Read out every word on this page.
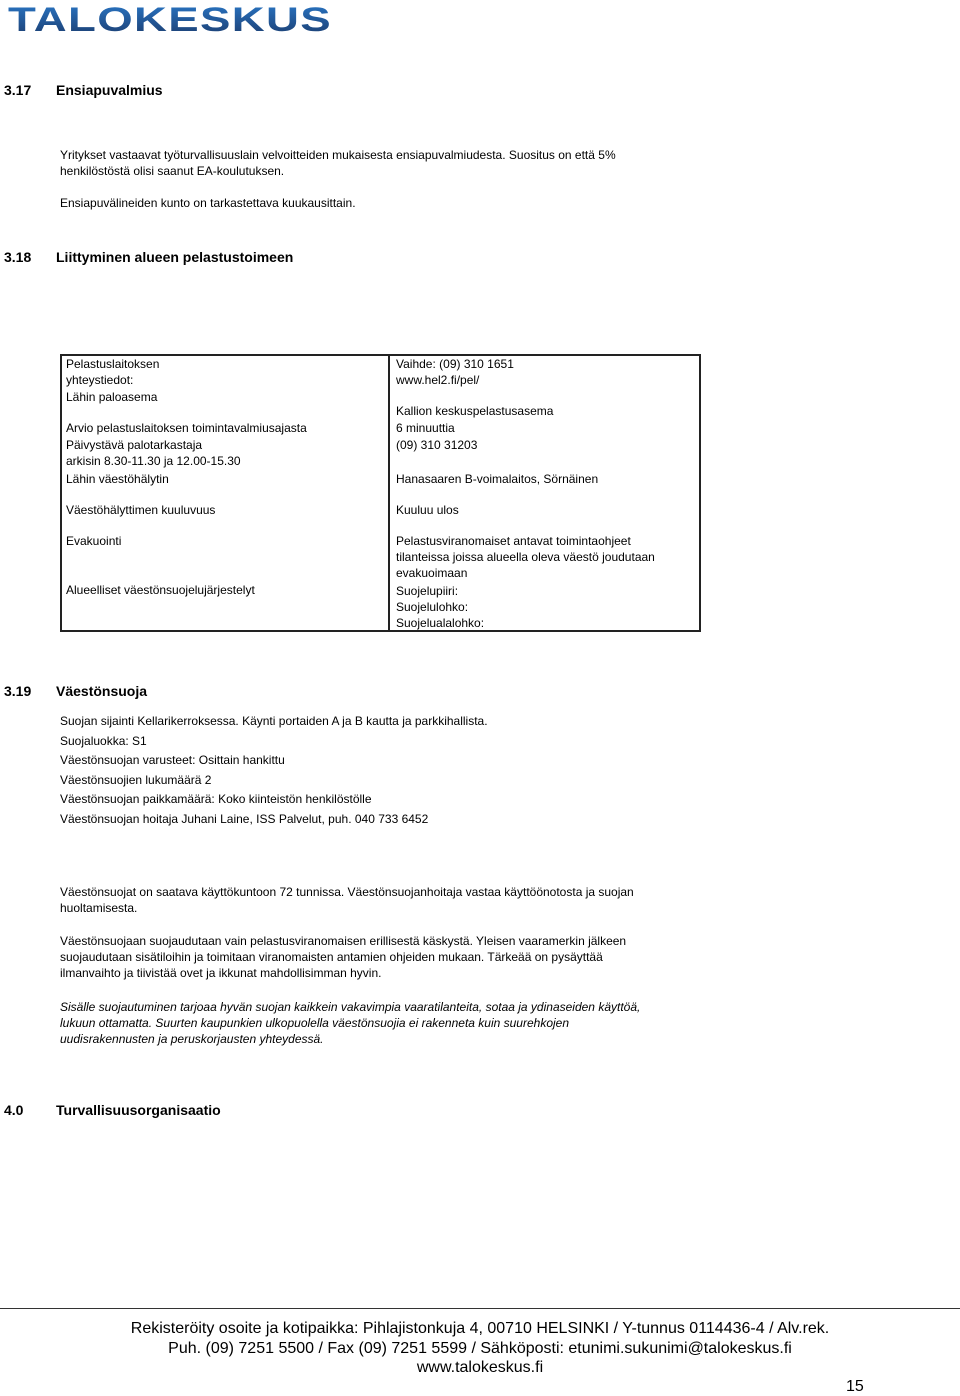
TALOKESKUS
3.17 Ensiapuvalmius
Yritykset vastaavat työturvallisuuslain velvoitteiden mukaisesta ensiapuvalmiudesta. Suositus on että 5%
henkilöstöstä olisi saanut EA-koulutuksen.
Ensiapuvälineiden kunto on tarkastettava kuukausittain.
3.18 Liittyminen alueen pelastustoimeen
Pelastuslaitoksen
yhteystiedot:
Lähin paloasema
Arvio pelastuslaitoksen toimintavalmiusajasta
Päivystävä palotarkastaja
arkisin 8.30-11.30 ja 12.00-15.30
Lähin väestöhälytin
Väestöhälyttimen kuuluvuus
Evakuointi
Alueelliset väestönsuojelujärjestelyt
Vaihde: (09) 310 1651
www.hel2.fi/pel/
Kallion keskuspelastusasema
6 minuuttia
(09) 310 31203
Hanasaaren B-voimalaitos, Sörnäinen
Kuuluu ulos
Pelastusviranomaiset antavat toimintaohjeet
tilanteissa joissa alueella oleva väestö joudutaan
evakuoimaan
Suojelupiiri:
Suojelulohko:
Suojelualalohko:
3.19 Väestönsuoja
Suojan sijainti Kellarikerroksessa. Käynti portaiden A ja B kautta ja parkkihallista.
Suojaluokka: S1
Väestönsuojan varusteet: Osittain hankittu
Väestönsuojien lukumäärä 2
Väestönsuojan paikkamäärä: Koko kiinteistön henkilöstölle
Väestönsuojan hoitaja Juhani Laine, ISS Palvelut, puh. 040 733 6452
Väestönsuojat on saatava käyttökuntoon 72 tunnissa. Väestönsuojanhoitaja vastaa käyttöönotosta ja suojan
huoltamisesta.
Väestönsuojaan suojaudutaan vain pelastusviranomaisen erillisestä käskystä. Yleisen vaaramerkin jälkeen
suojaudutaan sisätiloihin ja toimitaan viranomaisten antamien ohjeiden mukaan. Tärkeää on pysäyttää
ilmanvaihto ja tiivistää ovet ja ikkunat mahdollisimman hyvin.
Sisälle suojautuminen tarjoaa hyvän suojan kaikkein vakavimpia vaaratilanteita, sotaa ja ydinaseiden käyttöä,
lukuun ottamatta. Suurten kaupunkien ulkopuolella väestönsuojia ei rakenneta kuin suurehkojen
uudisrakennusten ja peruskorjausten yhteydessä.
4.0 Turvallisuusorganisaatio
Rekisteröity osoite ja kotipaikka: Pihlajistonkuja 4, 00710 HELSINKI / Y-tunnus 0114436-4 / Alv.rek.
Puh. (09) 7251 5500 / Fax (09) 7251 5599 / Sähköposti: etunimi.sukunimi@talokeskus.fi
www.talokeskus.fi
15
